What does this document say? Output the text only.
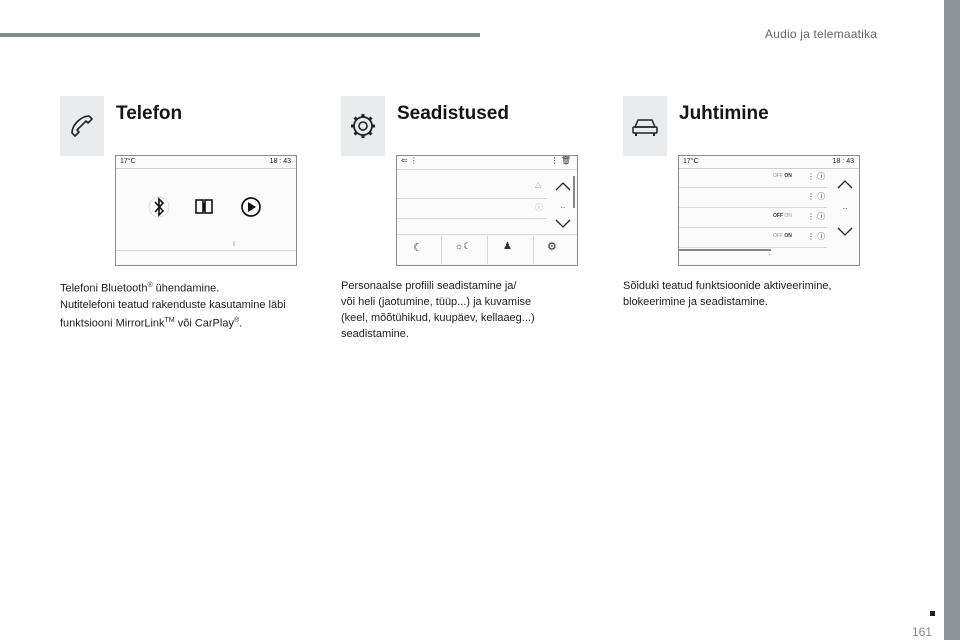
Audio ja telemaatika
Telefon
17°C	18 : 43
‖
Telefoni Bluetooth® ühendamine.
Nutitelefoni teatud rakenduste kasutamine läbi
funktsiooni MirrorLink™ või CarPlay®.
Seadistused
⇐ ⋮	⋮ 🗑
△
ⓘ	...
☾	☼☾	♟	⚙
Personaalse profiili seadistamine ja/
või heli (jaotumine, tüüp...) ja kuvamise
(keel, mõõtühikud, kuupäev, kellaaeg...)
seadistamine.
Juhtimine
17°C	18 : 43
OFF ON ⋮ ⓘ
⋮ ⓘ
OFF ON ⋮ ⓘ
OFF ON ⋮ ⓘ
...
.
Sõiduki teatud funktsioonide aktiveerimine,
blokeerimine ja seadistamine.
161
